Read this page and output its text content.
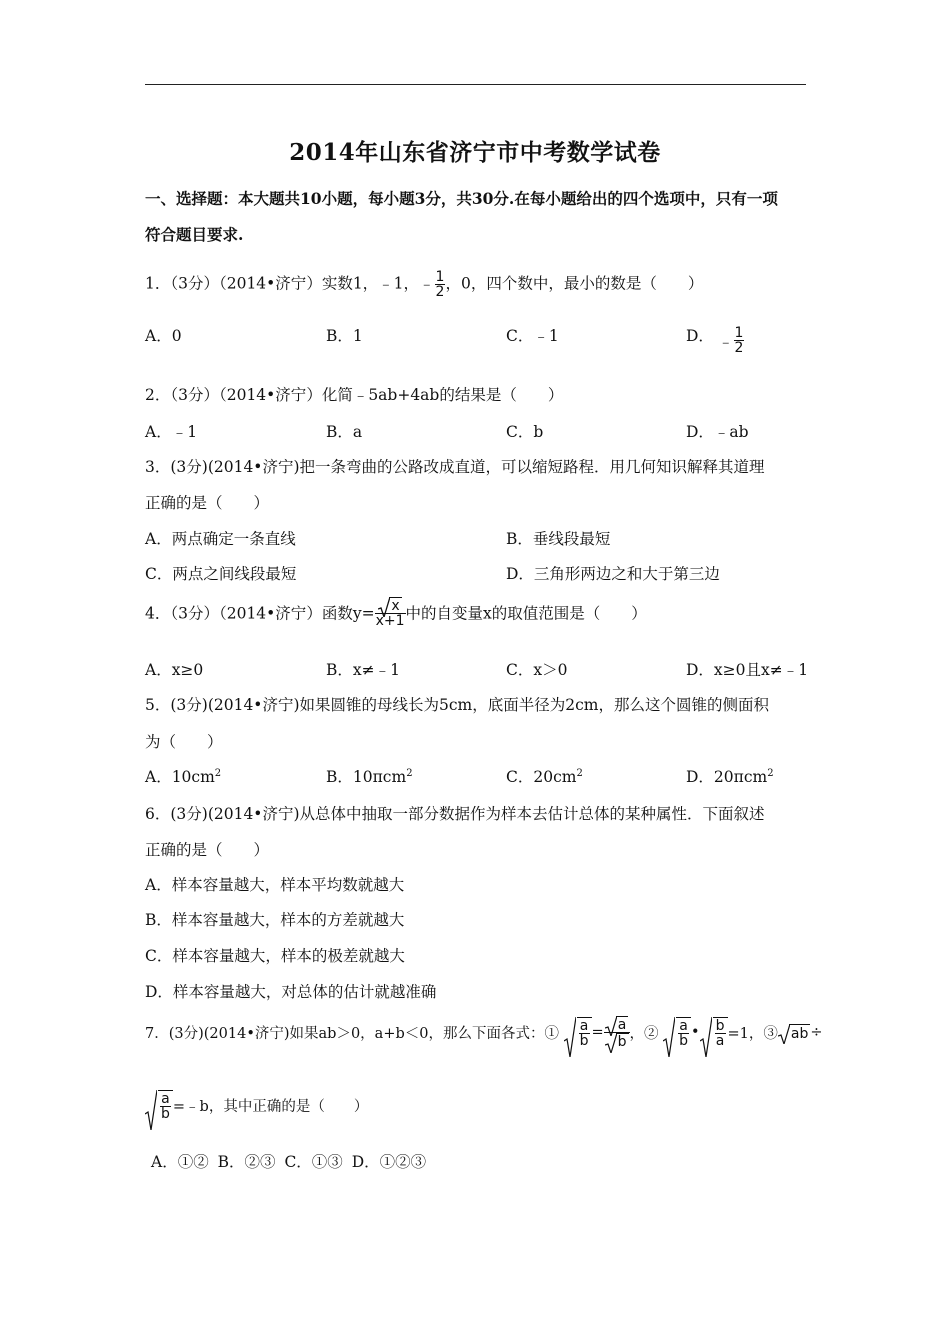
2014年山东省济宁市中考数学试卷
一、选择题：本大题共10小题，每小题3分，共30分.在每小题给出的四个选项中，只有一项
符合题目要求.
1．（3分）（2014•济宁）实数1，﹣1，﹣ $\frac{1}{2}$ ，0，四个数中，最小的数是（　　）
A．0	B．1	C．﹣1	D． ﹣ $\frac{1}{2}$
2．（3分）（2014•济宁）化简﹣5ab+4ab的结果是（　　）
A．﹣1	B．a	C．b	D．﹣ab
3．(3分)(2014•济宁)把一条弯曲的公路改成直道，可以缩短路程．用几何知识解释其道理
正确的是（　　）
A．两点确定一条直线	B．垂线段最短
C．两点之间线段最短	D．三角形两边之和大于第三边
4．（3分）（2014•济宁）函数$y= \frac{x}{x+1}$ 中的自变量x的取值范围是（　　）
A．x≥0	B．x≠﹣1	C．x＞0	D．x≥0且x≠﹣1
5．(3分)(2014•济宁)如果圆锥的母线长为5cm，底面半径为2cm，那么这个圆锥的侧面积
为（　　）
A．$10cm^2$	B．10πcm$^2$	C．$20cm^2$	D．20πcm$^2$
6．(3分)(2014•济宁)从总体中抽取一部分数据作为样本去估计总体的某种属性．下面叙述
正确的是（　　）
A．样本容量越大，样本平均数就越大
B．样本容量越大，样本的方差就越大
C．样本容量越大，样本的极差就越大
D．样本容量越大，对总体的估计就越准确
7．(3分)(2014•济宁)如果ab＞0，a+b＜0，那么下面各式：① $\frac{a}{b} = \frac{a}{b}$ ，② $\frac{a}{b}$ • $\frac{b}{a} =1$，③ ab ÷
$\frac{a}{b}$ =﹣b，其中正确的是（　　）
A．①② B．②③ C．①③ D．①②③
